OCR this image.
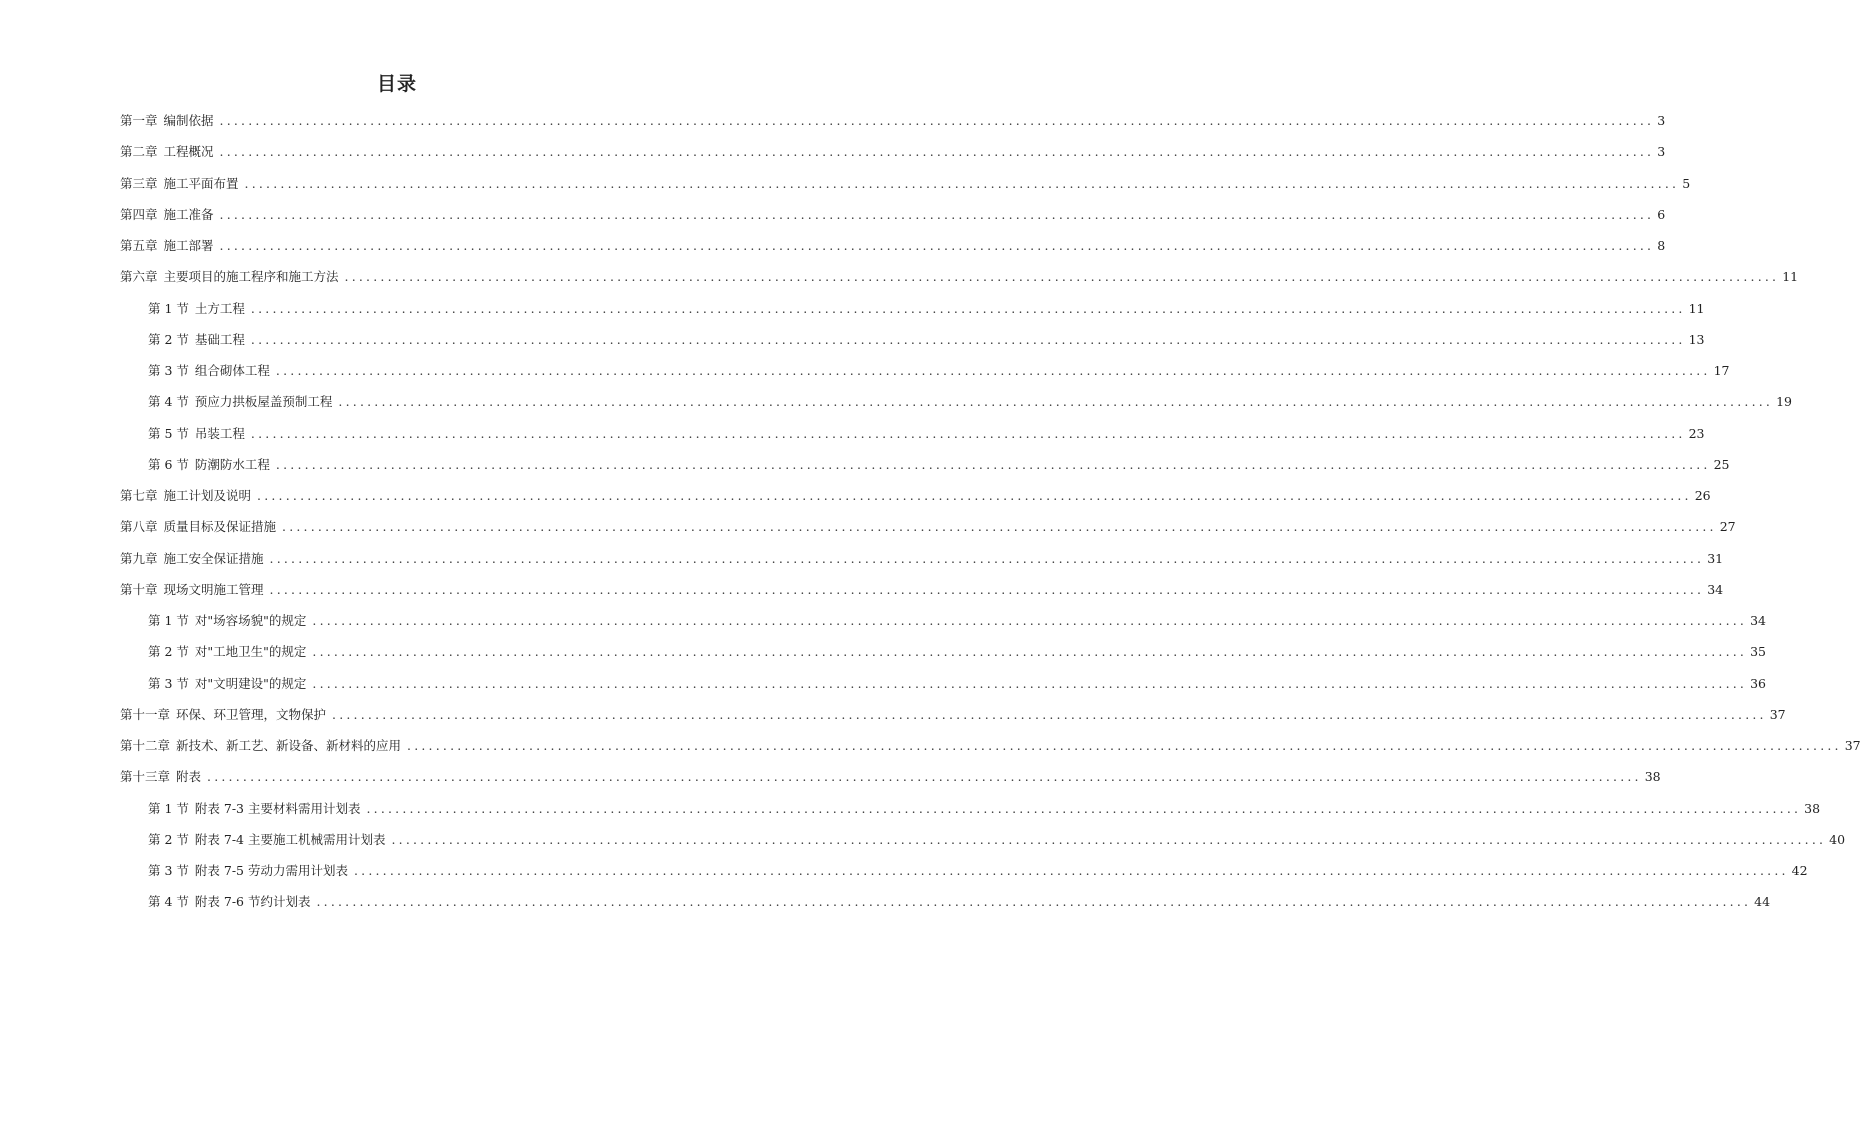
目录
第一章 编制依据 ........................................................................................................................................................................................................ 3
第二章 工程概况 ........................................................................................................................................................................................................ 3
第三章 施工平面布置 ........................................................................................................................................................................................................ 5
第四章 施工准备 ........................................................................................................................................................................................................ 6
第五章 施工部署 ........................................................................................................................................................................................................ 8
第六章 主要项目的施工程序和施工方法 ........................................................................................................................................................................................................ 11
第 1 节 土方工程 ........................................................................................................................................................................................................ 11
第 2 节 基础工程 ........................................................................................................................................................................................................ 13
第 3 节 组合砌体工程 ........................................................................................................................................................................................................ 17
第 4 节 预应力拱板屋盖预制工程 ........................................................................................................................................................................................................ 19
第 5 节 吊装工程 ........................................................................................................................................................................................................ 23
第 6 节 防潮防水工程 ........................................................................................................................................................................................................ 25
第七章 施工计划及说明 ........................................................................................................................................................................................................ 26
第八章 质量目标及保证措施 ........................................................................................................................................................................................................ 27
第九章 施工安全保证措施 ........................................................................................................................................................................................................ 31
第十章 现场文明施工管理 ........................................................................................................................................................................................................ 34
第 1 节 对"场容场貌"的规定 ........................................................................................................................................................................................................ 34
第 2 节 对"工地卫生"的规定 ........................................................................................................................................................................................................ 35
第 3 节 对"文明建设"的规定 ........................................................................................................................................................................................................ 36
第十一章 环保、环卫管理，文物保护 ........................................................................................................................................................................................................ 37
第十二章 新技术、新工艺、新设备、新材料的应用 ........................................................................................................................................................................................................ 37
第十三章 附表 ........................................................................................................................................................................................................ 38
第 1 节 附表 7-3 主要材料需用计划表 ........................................................................................................................................................................................................ 38
第 2 节 附表 7-4 主要施工机械需用计划表 ........................................................................................................................................................................................................ 40
第 3 节 附表 7-5 劳动力需用计划表 ........................................................................................................................................................................................................ 42
第 4 节 附表 7-6 节约计划表 ........................................................................................................................................................................................................ 44
